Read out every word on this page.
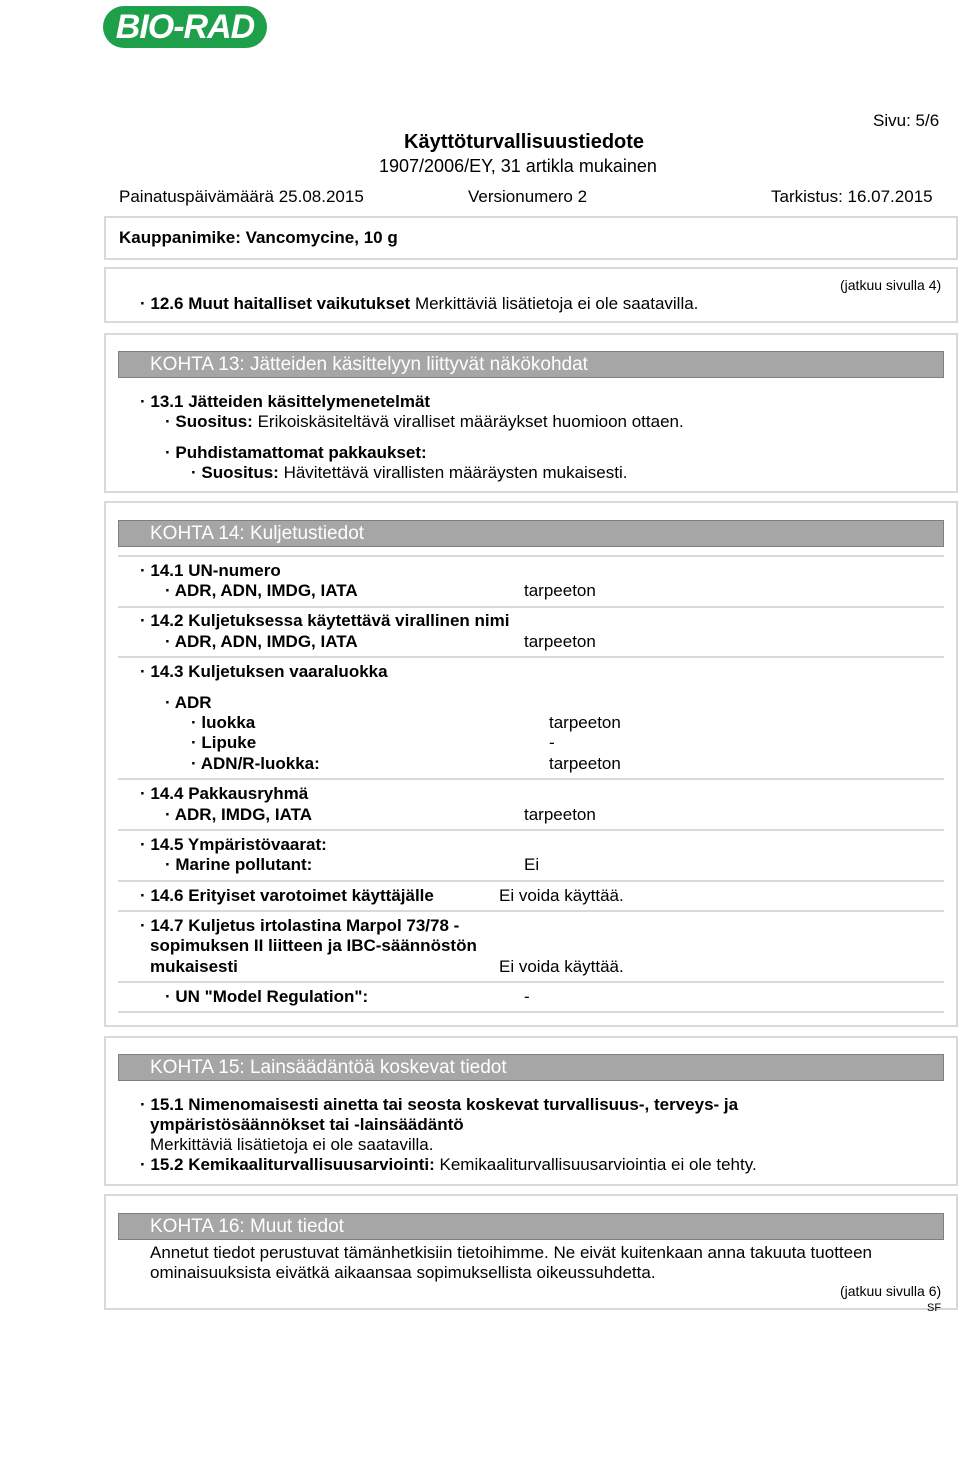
BIO-RAD
Sivu: 5/6
Käyttöturvallisuustiedote
1907/2006/EY, 31 artikla mukainen
Painatuspäivämäärä 25.08.2015	Versionumero 2	Tarkistus: 16.07.2015
Kauppanimike: Vancomycine, 10 g
(jatkuu sivulla 4)
· 12.6 Muut haitalliset vaikutukset Merkittäviä lisätietoja ei ole saatavilla.
KOHTA 13: Jätteiden käsittelyyn liittyvät näkökohdat
· 13.1 Jätteiden käsittelymenetelmät
· Suositus: Erikoiskäsiteltävä viralliset määräykset huomioon ottaen.
· Puhdistamattomat pakkaukset:
· Suositus: Hävitettävä virallisten määräysten mukaisesti.
KOHTA 14: Kuljetustiedot
· 14.1 UN-numero
· ADR, ADN, IMDG, IATA	tarpeeton
· 14.2 Kuljetuksessa käytettävä virallinen nimi
· ADR, ADN, IMDG, IATA	tarpeeton
· 14.3 Kuljetuksen vaaraluokka
· ADR
· luokka	tarpeeton
· Lipuke	-
· ADN/R-luokka:	tarpeeton
· 14.4 Pakkausryhmä
· ADR, IMDG, IATA	tarpeeton
· 14.5 Ympäristövaarat:
· Marine pollutant:	Ei
· 14.6 Erityiset varotoimet käyttäjälle	Ei voida käyttää.
· 14.7 Kuljetus irtolastina Marpol 73/78 -
sopimuksen II liitteen ja IBC-säännöstön
mukaisesti	Ei voida käyttää.
· UN "Model Regulation":	-
KOHTA 15: Lainsäädäntöä koskevat tiedot
· 15.1 Nimenomaisesti ainetta tai seosta koskevat turvallisuus-, terveys- ja
ympäristösäännökset tai -lainsäädäntö
Merkittäviä lisätietoja ei ole saatavilla.
· 15.2 Kemikaaliturvallisuusarviointi: Kemikaaliturvallisuusarviointia ei ole tehty.
KOHTA 16: Muut tiedot
Annetut tiedot perustuvat tämänhetkisiin tietoihimme. Ne eivät kuitenkaan anna takuuta tuotteen
ominaisuuksista eivätkä aikaansaa sopimuksellista oikeussuhdetta.
(jatkuu sivulla 6)
SF
